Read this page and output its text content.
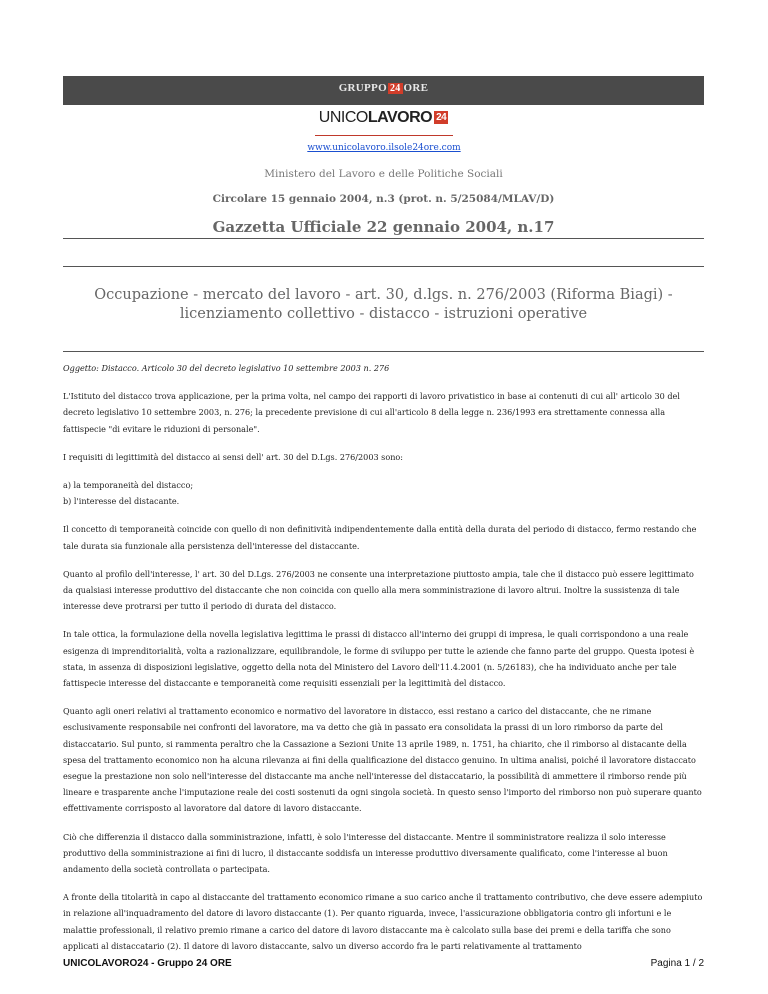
GRUPPO 24 ORE
UNICOLAVORO 24
www.unicolavoro.ilsole24ore.com
Ministero del Lavoro e delle Politiche Sociali
Circolare 15 gennaio 2004, n.3 (prot. n. 5/25084/MLAV/D)
Gazzetta Ufficiale 22 gennaio 2004, n.17
Occupazione - mercato del lavoro - art. 30, d.lgs. n. 276/2003 (Riforma Biagi) - licenziamento collettivo - distacco - istruzioni operative

Oggetto: Distacco. Articolo 30 del decreto legislativo 10 settembre 2003 n. 276

L'Istituto del distacco trova applicazione, per la prima volta, nel campo dei rapporti di lavoro privatistico in base ai contenuti di cui all' articolo 30 del decreto legislativo 10 settembre 2003, n. 276; la precedente previsione di cui all'articolo 8 della legge n. 236/1993 era strettamente connessa alla fattispecie "di evitare le riduzioni di personale".

I requisiti di legittimità del distacco ai sensi dell' art. 30 del D.Lgs. 276/2003 sono:

a) la temporaneità del distacco;
b) l'interesse del distacante.

Il concetto di temporaneità coincide con quello di non definitività indipendentemente dalla entità della durata del periodo di distacco, fermo restando che tale durata sia funzionale alla persistenza dell'interesse del distaccante.

Quanto al profilo dell'interesse, l' art. 30 del D.Lgs. 276/2003 ne consente una interpretazione piuttosto ampia, tale che il distacco può essere legittimato da qualsiasi interesse produttivo del distaccante che non coincida con quello alla mera somministrazione di lavoro altrui. Inoltre la sussistenza di tale interesse deve protrarsi per tutto il periodo di durata del distacco.

In tale ottica, la formulazione della novella legislativa legittima le prassi di distacco all'interno dei gruppi di impresa, le quali corrispondono a una reale esigenza di imprenditorialità, volta a razionalizzare, equilibrandole, le forme di sviluppo per tutte le aziende che fanno parte del gruppo. Questa ipotesi è stata, in assenza di disposizioni legislative, oggetto della nota del Ministero del Lavoro dell'11.4.2001 (n. 5/26183), che ha individuato anche per tale fattispecie interesse del distaccante e temporaneità come requisiti essenziali per la legittimità del distacco.

Quanto agli oneri relativi al trattamento economico e normativo del lavoratore in distacco, essi restano a carico del distaccante, che ne rimane esclusivamente responsabile nei confronti del lavoratore, ma va detto che già in passato era consolidata la prassi di un loro rimborso da parte del distaccatario. Sul punto, si rammenta peraltro che la Cassazione a Sezioni Unite 13 aprile 1989, n. 1751, ha chiarito, che il rimborso al distacante della spesa del trattamento economico non ha alcuna rilevanza ai fini della qualificazione del distacco genuino. In ultima analisi, poiché il lavoratore distaccato esegue la prestazione non solo nell'interesse del distaccante ma anche nell'interesse del distaccatario, la possibilità di ammettere il rimborso rende più lineare e trasparente anche l'imputazione reale dei costi sostenuti da ogni singola società. In questo senso l'importo del rimborso non può superare quanto effettivamente corrisposto al lavoratore dal datore di lavoro distaccante.

Ciò che differenzia il distacco dalla somministrazione, infatti, è solo l'interesse del distaccante. Mentre il somministratore realizza il solo interesse produttivo della somministrazione ai fini di lucro, il distaccante soddisfa un interesse produttivo diversamente qualificato, come l'interesse al buon andamento della società controllata o partecipata.

A fronte della titolarità in capo al distaccante del trattamento economico rimane a suo carico anche il trattamento contributivo, che deve essere adempiuto in relazione all'inquadramento del datore di lavoro distaccante (1). Per quanto riguarda, invece, l'assicurazione obbligatoria contro gli infortuni e le malattie professionali, il relativo premio rimane a carico del datore di lavoro distaccante ma è calcolato sulla base dei premi e della tariffa che sono applicati al distaccatario (2). Il datore di lavoro distaccante, salvo un diverso accordo fra le parti relativamente al trattamento

UNICOLAVORO24 - Gruppo 24 ORE	Pagina 1 / 2
